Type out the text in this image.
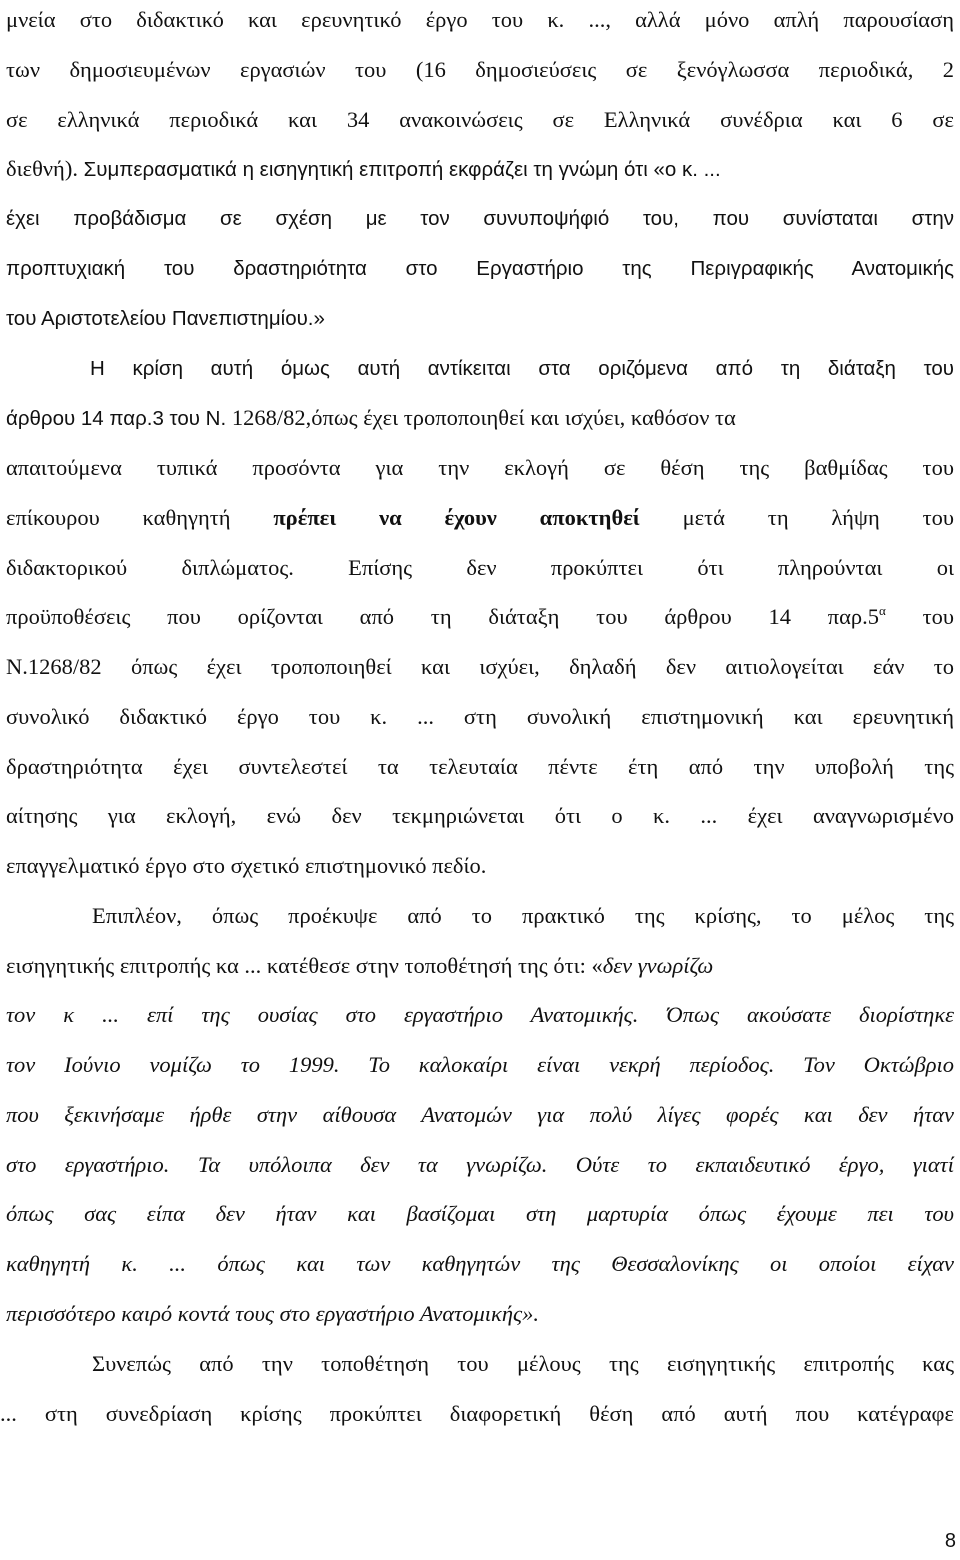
μνεία στο διδακτικό και ερευνητικό έργο του κ. ..., αλλά μόνο απλή παρουσίαση
των δημοσιευμένων εργασιών του (16 δημοσιεύσεις σε ξενόγλωσσα περιοδικά, 2
σε ελληνικά περιοδικά και 34 ανακοινώσεις σε Ελληνικά συνέδρια και 6 σε
διεθνή). Συμπερασματικά η εισηγητική επιτροπή εκφράζει τη γνώμη ότι «ο κ. ...
έχει προβάδισμα σε σχέση με τον συνυποψήφιό του, που συνίσταται στην
προπτυχιακή του δραστηριότητα στο Εργαστήριο της Περιγραφικής Ανατομικής
του Αριστοτελείου Πανεπιστημίου.»
Η κρίση αυτή όμως αυτή αντίκειται στα οριζόμενα από τη διάταξη του
άρθρου 14 παρ.3 του Ν. 1268/82,όπως έχει τροποποιηθεί και ισχύει, καθόσον τα
απαιτούμενα τυπικά προσόντα για την εκλογή σε θέση της βαθμίδας του
επίκουρου καθηγητή πρέπει να έχουν αποκτηθεί μετά τη λήψη του
διδακτορικού διπλώματος. Επίσης δεν προκύπτει ότι πληρούνται οι
προϋποθέσεις που ορίζονται από τη διάταξη του άρθρου 14 $\pi\alpha\rho.5^\alpha$ του
Ν.1268/82 όπως έχει τροποποιηθεί και ισχύει, δηλαδή δεν αιτιολογείται εάν το
συνολικό διδακτικό έργο του κ. ... στη συνολική επιστημονική και ερευνητική
δραστηριότητα έχει συντελεστεί τα τελευταία πέντε έτη από την υποβολή της
αίτησης για εκλογή, ενώ δεν τεκμηριώνεται ότι ο κ. ... έχει αναγνωρισμένο
επαγγελματικό έργο στο σχετικό επιστημονικό πεδίο.
Επιπλέον, όπως προέκυψε από το πρακτικό της κρίσης, το μέλος της
εισηγητικής επιτροπής κα ... κατέθεσε στην τοποθέτησή της ότι: «δεν γνωρίζω
τον κ ... επί της ουσίας στο εργαστήριο Ανατομικής. Όπως ακούσατε διορίστηκε
τον Ιούνιο νομίζω το 1999. Το καλοκαίρι είναι νεκρή περίοδος. Τον Οκτώβριο
που ξεκινήσαμε ήρθε στην αίθουσα Ανατομών για πολύ λίγες φορές και δεν ήταν
στο εργαστήριο. Τα υπόλοιπα δεν τα γνωρίζω. Ούτε το εκπαιδευτικό έργο, γιατί
όπως σας είπα δεν ήταν και βασίζομαι στη μαρτυρία όπως έχουμε πει του
καθηγητή κ. ... όπως και των καθηγητών της Θεσσαλονίκης οι οποίοι είχαν
περισσότερο καιρό κοντά τους στο εργαστήριο Ανατομικής».
Συνεπώς από την τοποθέτηση του μέλους της εισηγητικής επιτροπής κας
... στη συνεδρίαση κρίσης προκύπτει διαφορετική θέση από αυτή που κατέγραφε
8
